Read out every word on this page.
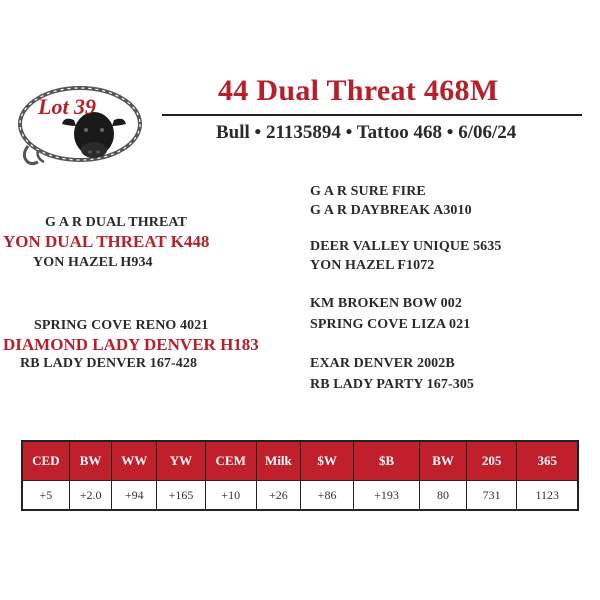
Lot 39	44 Dual Threat 468M
Bull • 21135894 • Tattoo 468 • 6/06/24
G A R DUAL THREAT
YON DUAL THREAT K448
YON HAZEL H934
SPRING COVE RENO 4021
DIAMOND LADY DENVER H183
RB LADY DENVER 167-428
G A R SURE FIRE
G A R DAYBREAK A3010
DEER VALLEY UNIQUE 5635
YON HAZEL F1072
KM BROKEN BOW 002
SPRING COVE LIZA 021
EXAR DENVER 2002B
RB LADY PARTY 167-305
CED	BW	WW	YW	CEM	Milk	$W	$B	BW	205	365
+5	+2.0	+94	+165	+10	+26	+86	+193	80	731	1123
